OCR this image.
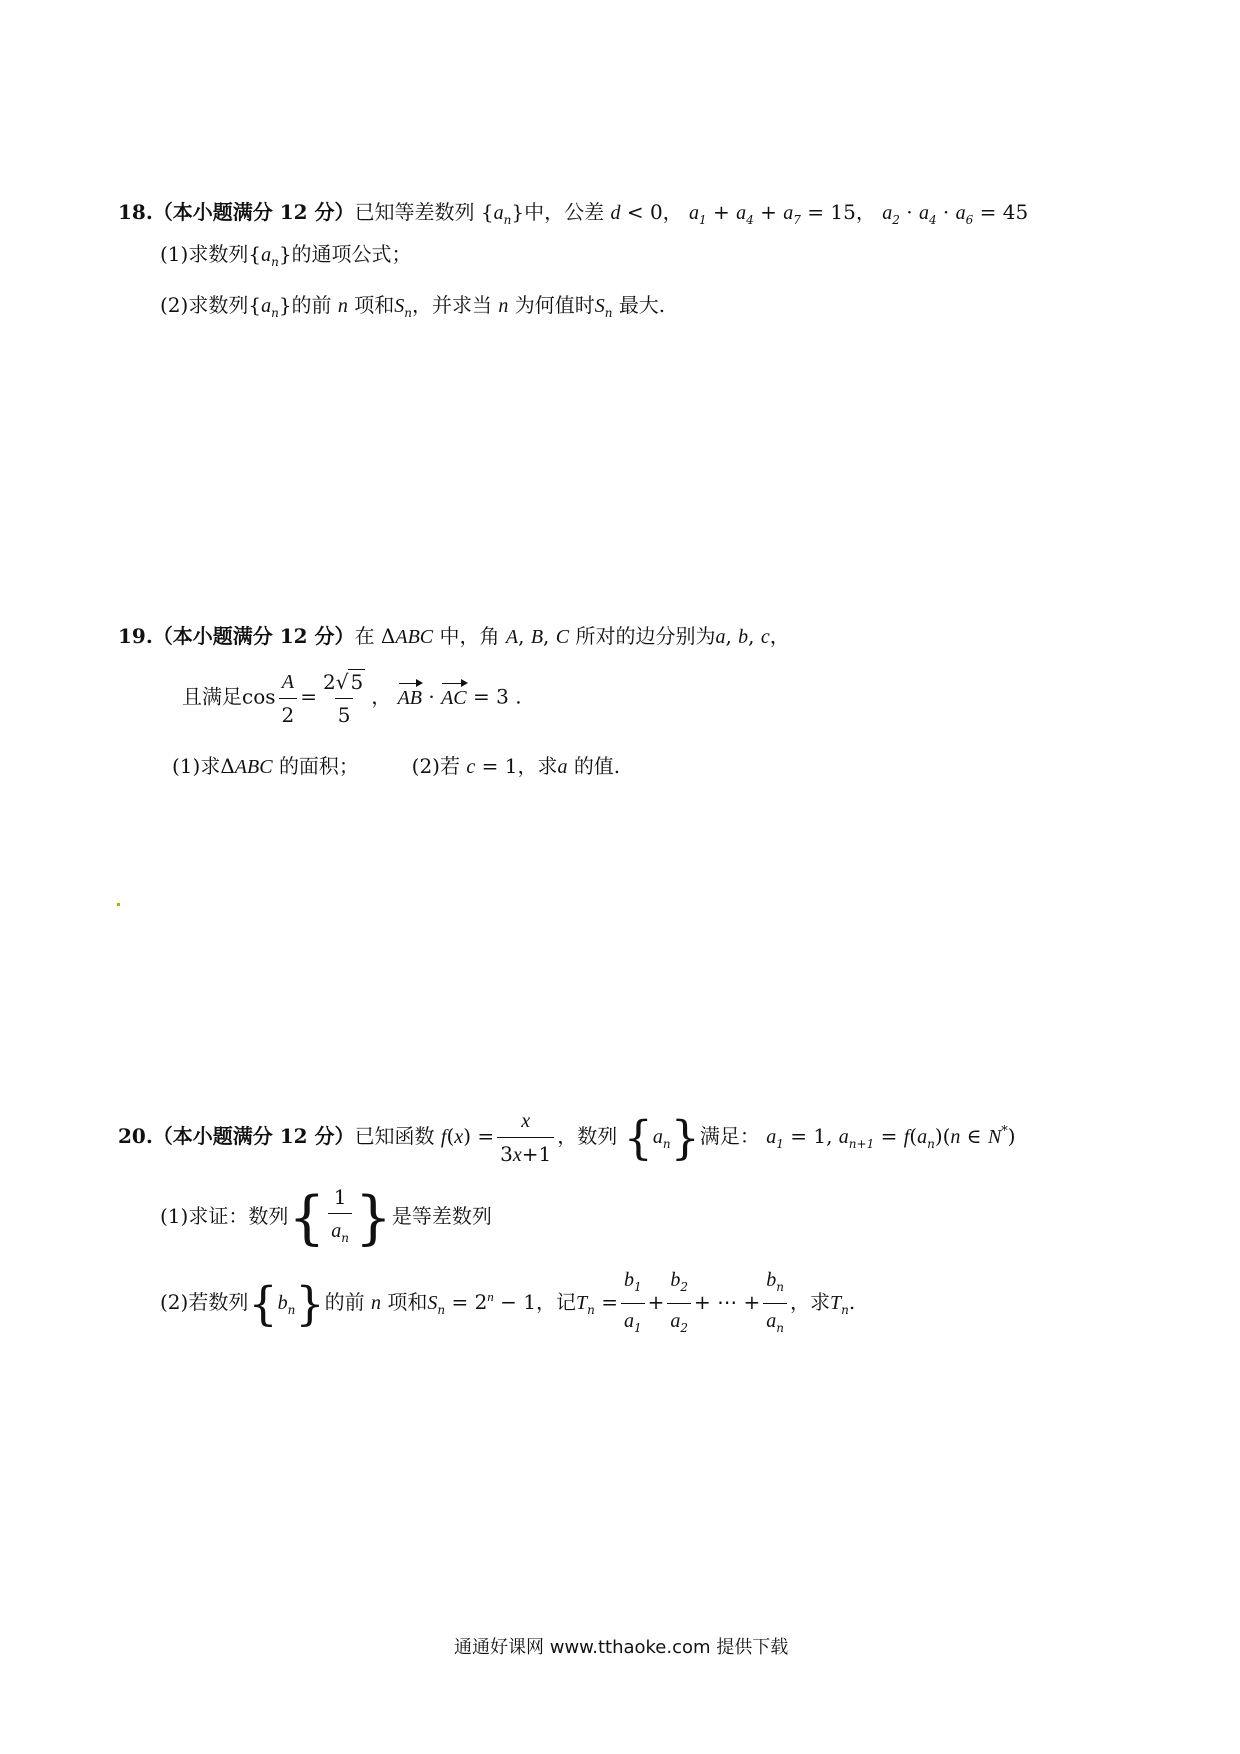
18.（本小题满分 12 分）已知等差数列 $\{a_n\}$中，公差 d < 0， $a_1 + a_4 + a_7 = 15$， $a_2 \cdot a_4 \cdot a_6 = 45$
(1)求数列$\{a_n\}$的通项公式；
(2)求数列$\{a_n\}$的前 n 项和$S_n$，并求当 n 为何值时$S_n$ 最大.
19.（本小题满分 12 分）在 ΔABC 中，角 A, B, C 所对的边分别为a, b, c，
且满足$\cos \frac{A}{2} = \frac{2√ 5}{5}$ ， AB · AC = 3 .
(1)求ΔABC 的面积；	(2)若 c = 1，求a 的值.
20.（本小题满分 12 分）已知函数 $f(x) = \frac{x}{3x+1}$ ，数列 $\{a_n\}$满足： $a_1 = 1$, $a_{n+1} = f(a_n)(n$ ∈ N*)
(1)求证：数列{ $\frac{1}{a_n}$ }是等差数列
(2)若数列$\{b_n\}$的前 n 项和$S_n = 2^n - 1$，记$T_n = \frac{b_1}{a_1} + \frac{b_2}{a_2}$ + ⋯ + $\frac{b_n}{a_n}$ ，求$T_n$.
通通好课网 www.tthaoke.com 提供下载
